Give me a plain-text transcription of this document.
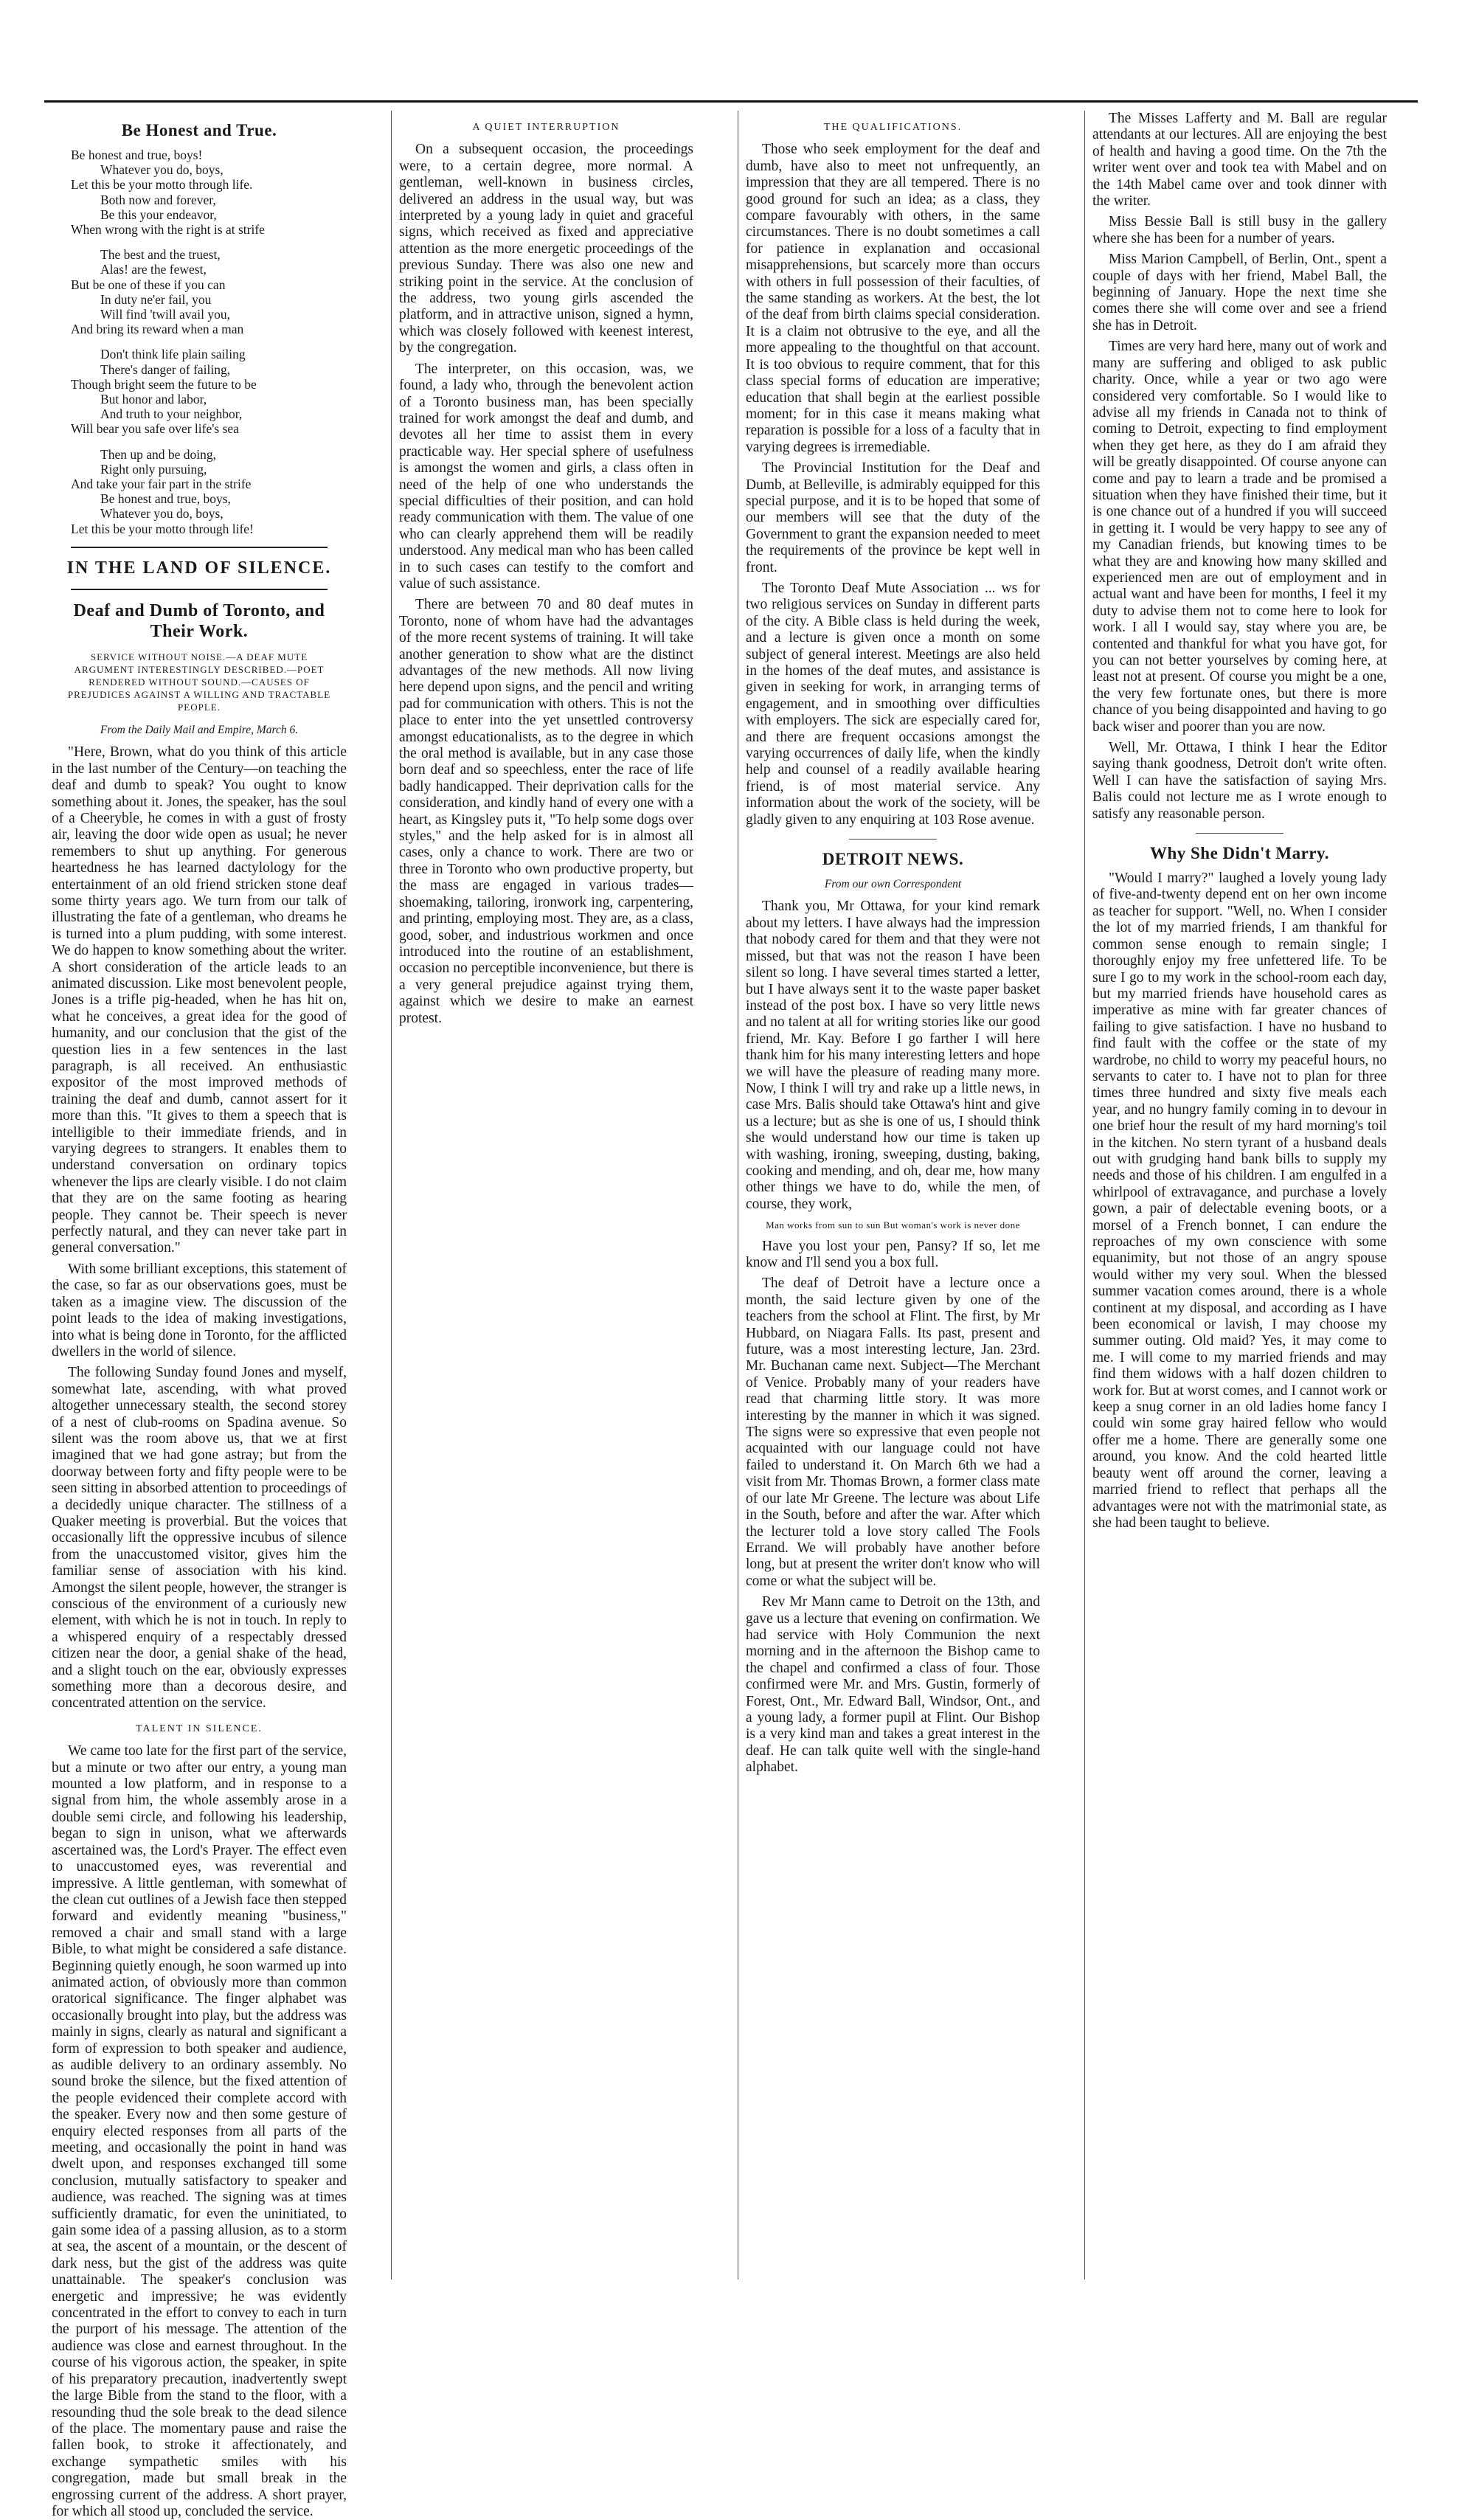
Be Honest and True.
Be honest and true, boys!
Whatever you do, boys,
Let this be your motto through life.
Both now and forever,
Be this your endeavor,
When wrong with the right is at strife
The best and the truest,
Alas! are the fewest,
But be one of these if you can
In duty ne'er fail, you
Will find 'twill avail you,
And bring its reward when a man
Don't think life plain sailing
There's danger of failing,
Though bright seem the future to be
But honor and labor,
And truth to your neighbor,
Will bear you safe over life's sea
Then up and be doing,
Right only pursuing,
And take your fair part in the strife
Be honest and true, boys,
Whatever you do, boys,
Let this be your motto through life!
IN THE LAND OF SILENCE.
Deaf and Dumb of Toronto, and Their Work.
SERVICE WITHOUT NOISE.—A DEAF MUTE ARGUMENT INTERESTINGLY DESCRIBED.—POET RENDERED WITHOUT SOUND.—CAUSES OF PREJUDICES AGAINST A WILLING AND TRACTABLE PEOPLE.

From the Daily Mail and Empire, March 6.

"Here, Brown, what do you think of this article in the last number of the Century—on teaching the deaf and dumb to speak? You ought to know something about it. Jones, the speaker, has the soul of a Cheeryble, he comes in with a gust of frosty air, leaving the door wide open as usual; he never remembers to shut up anything. For generous heartedness he has learned dactylology for the entertainment of an old friend stricken stone deaf some thirty years ago. We turn from our talk of illustrating the fate of a gentleman, who dreams he is turned into a plum pudding, with some interest. We do happen to know something about the writer. A short consideration of the article leads to an animated discussion. Like most benevolent people, Jones is a trifle pig-headed, when he has hit on, what he conceives, a great idea for the good of humanity, and our conclusion that the gist of the question lies in a few sentences in the last paragraph, is all received. An enthusiastic expositor of the most improved methods of training the deaf and dumb, cannot assert for it more than this. "It gives to them a speech that is intelligible to their immediate friends, and in varying degrees to strangers. It enables them to understand conversation on ordinary topics whenever the lips are clearly visible. I do not claim that they are on the same footing as hearing people. They cannot be. Their speech is never perfectly natural, and they can never take part in general conversation."

With some brilliant exceptions, this statement of the case, so far as our observations goes, must be taken as a imagine view. The discussion of the point leads to the idea of making investigations, into what is being done in Toronto, for the afflicted dwellers in the world of silence.

The following Sunday found Jones and myself, somewhat late, ascending, with what proved altogether unnecessary stealth, the second storey of a nest of club-rooms on Spadina avenue. So silent was the room above us, that we at first imagined that we had gone astray; but from the doorway between forty and fifty people were to be seen sitting in absorbed attention to proceedings of a decidedly unique character. The stillness of a Quaker meeting is proverbial. But the voices that occasionally lift the oppressive incubus of silence from the unaccustomed visitor, gives him the familiar sense of association with his kind. Amongst the silent people, however, the stranger is conscious of the environment of a curiously new element, with which he is not in touch. In reply to a whispered enquiry of a respectably dressed citizen near the door, a genial shake of the head, and a slight touch on the ear, obviously expresses something more than a decorous desire, and concentrated attention on the service.

TALENT IN SILENCE.

We came too late for the first part of the service, but a minute or two after our entry, a young man mounted a low platform, and in response to a signal from him, the whole assembly arose in a double semi circle, and following his leadership, began to sign in unison, what we afterwards ascertained was, the Lord's Prayer. The effect even to unaccustomed eyes, was reverential and impressive. A little gentleman, with somewhat of the clean cut outlines of a Jewish face then stepped forward and evidently meaning "business," removed a chair and small stand with a large Bible, to what might be considered a safe distance. Beginning quietly enough, he soon warmed up into animated action, of obviously more than common oratorical significance. The finger alphabet was occasionally brought into play, but the address was mainly in signs, clearly as natural and significant a form of expression to both speaker and audience, as audible delivery to an ordinary assembly. No sound broke the silence, but the fixed attention of the people evidenced their complete accord with the speaker. Every now and then some gesture of enquiry elected responses from all parts of the meeting, and occasionally the point in hand was dwelt upon, and responses exchanged till some conclusion, mutually satisfactory to speaker and audience, was reached. The signing was at times sufficiently dramatic, for even the uninitiated, to gain some idea of a passing allusion, as to a storm at sea, the ascent of a mountain, or the descent of dark ness, but the gist of the address was quite unattainable. The speaker's conclusion was energetic and impressive; he was evidently concentrated in the effort to convey to each in turn the purport of his message. The attention of the audience was close and earnest throughout. In the course of his vigorous action, the speaker, in spite of his preparatory precaution, inadvertently swept the large Bible from the stand to the floor, with a resounding thud the sole break to the dead silence of the place. The momentary pause and raise the fallen book, to stroke it affectionately, and exchange sympathetic smiles with his congregation, made but small break in the engrossing current of the address. A short prayer, for which all stood up, concluded the service.

A QUIET INTERRUPTION

On a subsequent occasion, the proceedings were, to a certain degree, more normal. A gentleman, well-known in business circles, delivered an address in the usual way, but was interpreted by a young lady in quiet and graceful signs, which received as fixed and appreciative attention as the more energetic proceedings of the previous Sunday. There was also one new and striking point in the service. At the conclusion of the address, two young girls ascended the platform, and in attractive unison, signed a hymn, which was closely followed with keenest interest, by the congregation.

The interpreter, on this occasion, was, we found, a lady who, through the benevolent action of a Toronto business man, has been specially trained for work amongst the deaf and dumb, and devotes all her time to assist them in every practicable way. Her special sphere of usefulness is amongst the women and girls, a class often in need of the help of one who understands the special difficulties of their position, and can hold ready communication with them. The value of one who can clearly apprehend them will be readily understood. Any medical man who has been called in to such cases can testify to the comfort and value of such assistance.

There are between 70 and 80 deaf mutes in Toronto, none of whom have had the advantages of the more recent systems of training. It will take another generation to show what are the distinct advantages of the new methods. All now living here depend upon signs, and the pencil and writing pad for communication with others. This is not the place to enter into the yet unsettled controversy amongst educationalists, as to the degree in which the oral method is available, but in any case those born deaf and so speechless, enter the race of life badly handicapped. Their deprivation calls for the consideration, and kindly hand of every one with a heart, as Kingsley puts it, "To help some dogs over styles," and the help asked for is in almost all cases, only a chance to work. There are two or three in Toronto who own productive property, but the mass are engaged in various trades—shoemaking, tailoring, ironwork ing, carpentering, and printing, employing most. They are, as a class, good, sober, and industrious workmen and once introduced into the routine of an establishment, occasion no perceptible inconvenience, but there is a very general prejudice against trying them, against which we desire to make an earnest protest.

THE QUALIFICATIONS.

Those who seek employment for the deaf and dumb, have also to meet not unfrequently, an impression that they are all tempered. There is no good ground for such an idea; as a class, they compare favourably with others, in the same circumstances. There is no doubt sometimes a call for patience in explanation and occasional misapprehensions, but scarcely more than occurs with others in full possession of their faculties, of the same standing as workers. At the best, the lot of the deaf from birth claims special consideration. It is a claim not obtrusive to the eye, and all the more appealing to the thoughtful on that account. It is too obvious to require comment, that for this class special forms of education are imperative; education that shall begin at the earliest possible moment; for in this case it means making what reparation is possible for a loss of a faculty that in varying degrees is irremediable.

The Provincial Institution for the Deaf and Dumb, at Belleville, is admirably equipped for this special purpose, and it is to be hoped that some of our members will see that the duty of the Government to grant the expansion needed to meet the requirements of the province be kept well in front.

The Toronto Deaf Mute Association ... ws for two religious services on Sunday in different parts of the city. A Bible class is held during the week, and a lecture is given once a month on some subject of general interest. Meetings are also held in the homes of the deaf mutes, and assistance is given in seeking for work, in arranging terms of engagement, and in smoothing over difficulties with employers. The sick are especially cared for, and there are frequent occasions amongst the varying occurrences of daily life, when the kindly help and counsel of a readily available hearing friend, is of most material service. Any information about the work of the society, will be gladly given to any enquiring at 103 Rose avenue.

DETROIT NEWS.

From our own Correspondent

Thank you, Mr Ottawa, for your kind remark about my letters. I have always had the impression that nobody cared for them and that they were not missed, but that was not the reason I have been silent so long. I have several times started a letter, but I have always sent it to the waste paper basket instead of the post box. I have so very little news and no talent at all for writing stories like our good friend, Mr. Kay. Before I go farther I will here thank him for his many interesting letters and hope we will have the pleasure of reading many more. Now, I think I will try and rake up a little news, in case Mrs. Balis should take Ottawa's hint and give us a lecture; but as she is one of us, I should think she would understand how our time is taken up with washing, ironing, sweeping, dusting, baking, cooking and mending, and oh, dear me, how many other things we have to do, while the men, of course, they work,

Man works from sun to sun But woman's work is never done

Have you lost your pen, Pansy? If so, let me know and I'll send you a box full.

The deaf of Detroit have a lecture once a month, the said lecture given by one of the teachers from the school at Flint. The first, by Mr Hubbard, on Niagara Falls. Its past, present and future, was a most interesting lecture, Jan. 23rd. Mr. Buchanan came next. Subject—The Merchant of Venice. Probably many of your readers have read that charming little story. It was more interesting by the manner in which it was signed. The signs were so expressive that even people not acquainted with our language could not have failed to understand it. On March 6th we had a visit from Mr. Thomas Brown, a former class mate of our late Mr Greene. The lecture was about Life in the South, before and after the war. After which the lecturer told a love story called The Fools Errand. We will probably have another before long, but at present the writer don't know who will come or what the subject will be.

Rev Mr Mann came to Detroit on the 13th, and gave us a lecture that evening on confirmation. We had service with Holy Communion the next morning and in the afternoon the Bishop came to the chapel and confirmed a class of four. Those confirmed were Mr. and Mrs. Gustin, formerly of Forest, Ont., Mr. Edward Ball, Windsor, Ont., and a young lady, a former pupil at Flint. Our Bishop is a very kind man and takes a great interest in the deaf. He can talk quite well with the single-hand alphabet.

The Misses Lafferty and M. Ball are regular attendants at our lectures. All are enjoying the best of health and having a good time. On the 7th the writer went over and took tea with Mabel and on the 14th Mabel came over and took dinner with the writer.

Miss Bessie Ball is still busy in the gallery where she has been for a number of years.

Miss Marion Campbell, of Berlin, Ont., spent a couple of days with her friend, Mabel Ball, the beginning of January. Hope the next time she comes there she will come over and see a friend she has in Detroit.

Times are very hard here, many out of work and many are suffering and obliged to ask public charity. Once, while a year or two ago were considered very comfortable. So I would like to advise all my friends in Canada not to think of coming to Detroit, expecting to find employment when they get here, as they do I am afraid they will be greatly disappointed. Of course anyone can come and pay to learn a trade and be promised a situation when they have finished their time, but it is one chance out of a hundred if you will succeed in getting it. I would be very happy to see any of my Canadian friends, but knowing times to be what they are and knowing how many skilled and experienced men are out of employment and in actual want and have been for months, I feel it my duty to advise them not to come here to look for work. I all I would say, stay where you are, be contented and thankful for what you have got, for you can not better yourselves by coming here, at least not at present. Of course you might be a one, the very few fortunate ones, but there is more chance of you being disappointed and having to go back wiser and poorer than you are now.

Well, Mr. Ottawa, I think I hear the Editor saying thank goodness, Detroit don't write often. Well I can have the satisfaction of saying Mrs. Balis could not lecture me as I wrote enough to satisfy any reasonable person.

Why She Didn't Marry.

"Would I marry?" laughed a lovely young lady of five-and-twenty depend ent on her own income as teacher for support. "Well, no. When I consider the lot of my married friends, I am thankful for common sense enough to remain single; I thoroughly enjoy my free unfettered life. To be sure I go to my work in the school-room each day, but my married friends have household cares as imperative as mine with far greater chances of failing to give satisfaction. I have no husband to find fault with the coffee or the state of my wardrobe, no child to worry my peaceful hours, no servants to cater to. I have not to plan for three times three hundred and sixty five meals each year, and no hungry family coming in to devour in one brief hour the result of my hard morning's toil in the kitchen. No stern tyrant of a husband deals out with grudging hand bank bills to supply my needs and those of his children. I am engulfed in a whirlpool of extravagance, and purchase a lovely gown, a pair of delectable evening boots, or a morsel of a French bonnet, I can endure the reproaches of my own conscience with some equanimity, but not those of an angry spouse would wither my very soul. When the blessed summer vacation comes around, there is a whole continent at my disposal, and according as I have been economical or lavish, I may choose my summer outing. Old maid? Yes, it may come to me. I will come to my married friends and may find them widows with a half dozen children to work for. But at worst comes, and I cannot work or keep a snug corner in an old ladies home fancy I could win some gray haired fellow who would offer me a home. There are generally some one around, you know. And the cold hearted little beauty went off around the corner, leaving a married friend to reflect that perhaps all the advantages were not with the matrimonial state, as she had been taught to believe.
